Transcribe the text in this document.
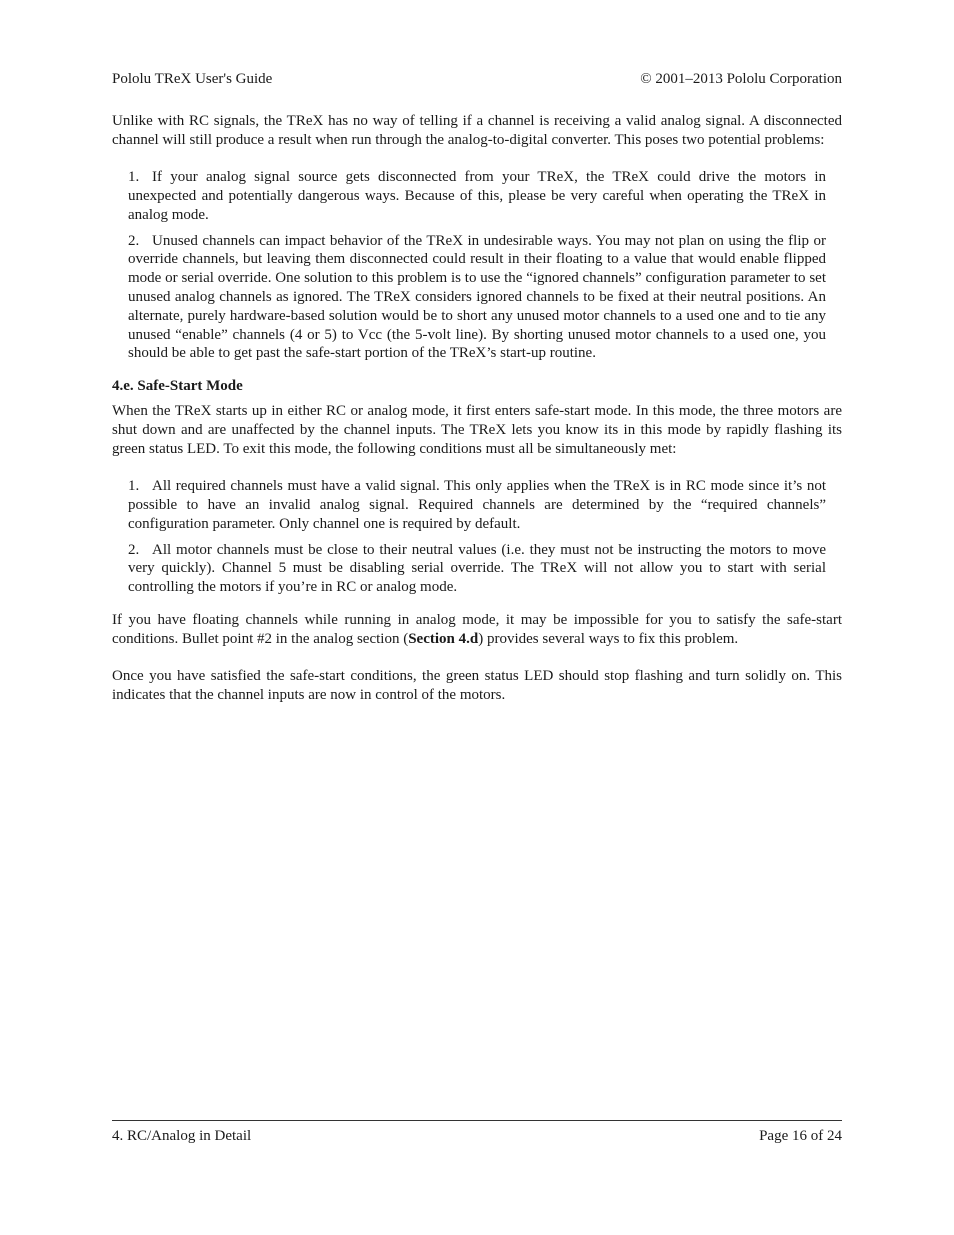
Pololu TReX User's Guide	© 2001–2013 Pololu Corporation

Unlike with RC signals, the TReX has no way of telling if a channel is receiving a valid analog signal. A disconnected channel will still produce a result when run through the analog-to-digital converter. This poses two potential problems:

1. If your analog signal source gets disconnected from your TReX, the TReX could drive the motors in unexpected and potentially dangerous ways. Because of this, please be very careful when operating the TReX in analog mode.
2. Unused channels can impact behavior of the TReX in undesirable ways. You may not plan on using the flip or override channels, but leaving them disconnected could result in their floating to a value that would enable flipped mode or serial override. One solution to this problem is to use the “ignored channels” configuration parameter to set unused analog channels as ignored. The TReX considers ignored channels to be fixed at their neutral positions. An alternate, purely hardware-based solution would be to short any unused motor channels to a used one and to tie any unused “enable” channels (4 or 5) to Vcc (the 5-volt line). By shorting unused motor channels to a used one, you should be able to get past the safe-start portion of the TReX’s start-up routine.
4.e. Safe-Start Mode

When the TReX starts up in either RC or analog mode, it first enters safe-start mode. In this mode, the three motors are shut down and are unaffected by the channel inputs. The TReX lets you know its in this mode by rapidly flashing its green status LED. To exit this mode, the following conditions must all be simultaneously met:

1. All required channels must have a valid signal. This only applies when the TReX is in RC mode since it’s not possible to have an invalid analog signal. Required channels are determined by the “required channels” configuration parameter. Only channel one is required by default.
2. All motor channels must be close to their neutral values (i.e. they must not be instructing the motors to move very quickly). Channel 5 must be disabling serial override. The TReX will not allow you to start with serial controlling the motors if you’re in RC or analog mode.

If you have floating channels while running in analog mode, it may be impossible for you to satisfy the safe-start conditions. Bullet point #2 in the analog section (Section 4.d) provides several ways to fix this problem.

Once you have satisfied the safe-start conditions, the green status LED should stop flashing and turn solidly on. This indicates that the channel inputs are now in control of the motors.

4. RC/Analog in Detail	Page 16 of 24
